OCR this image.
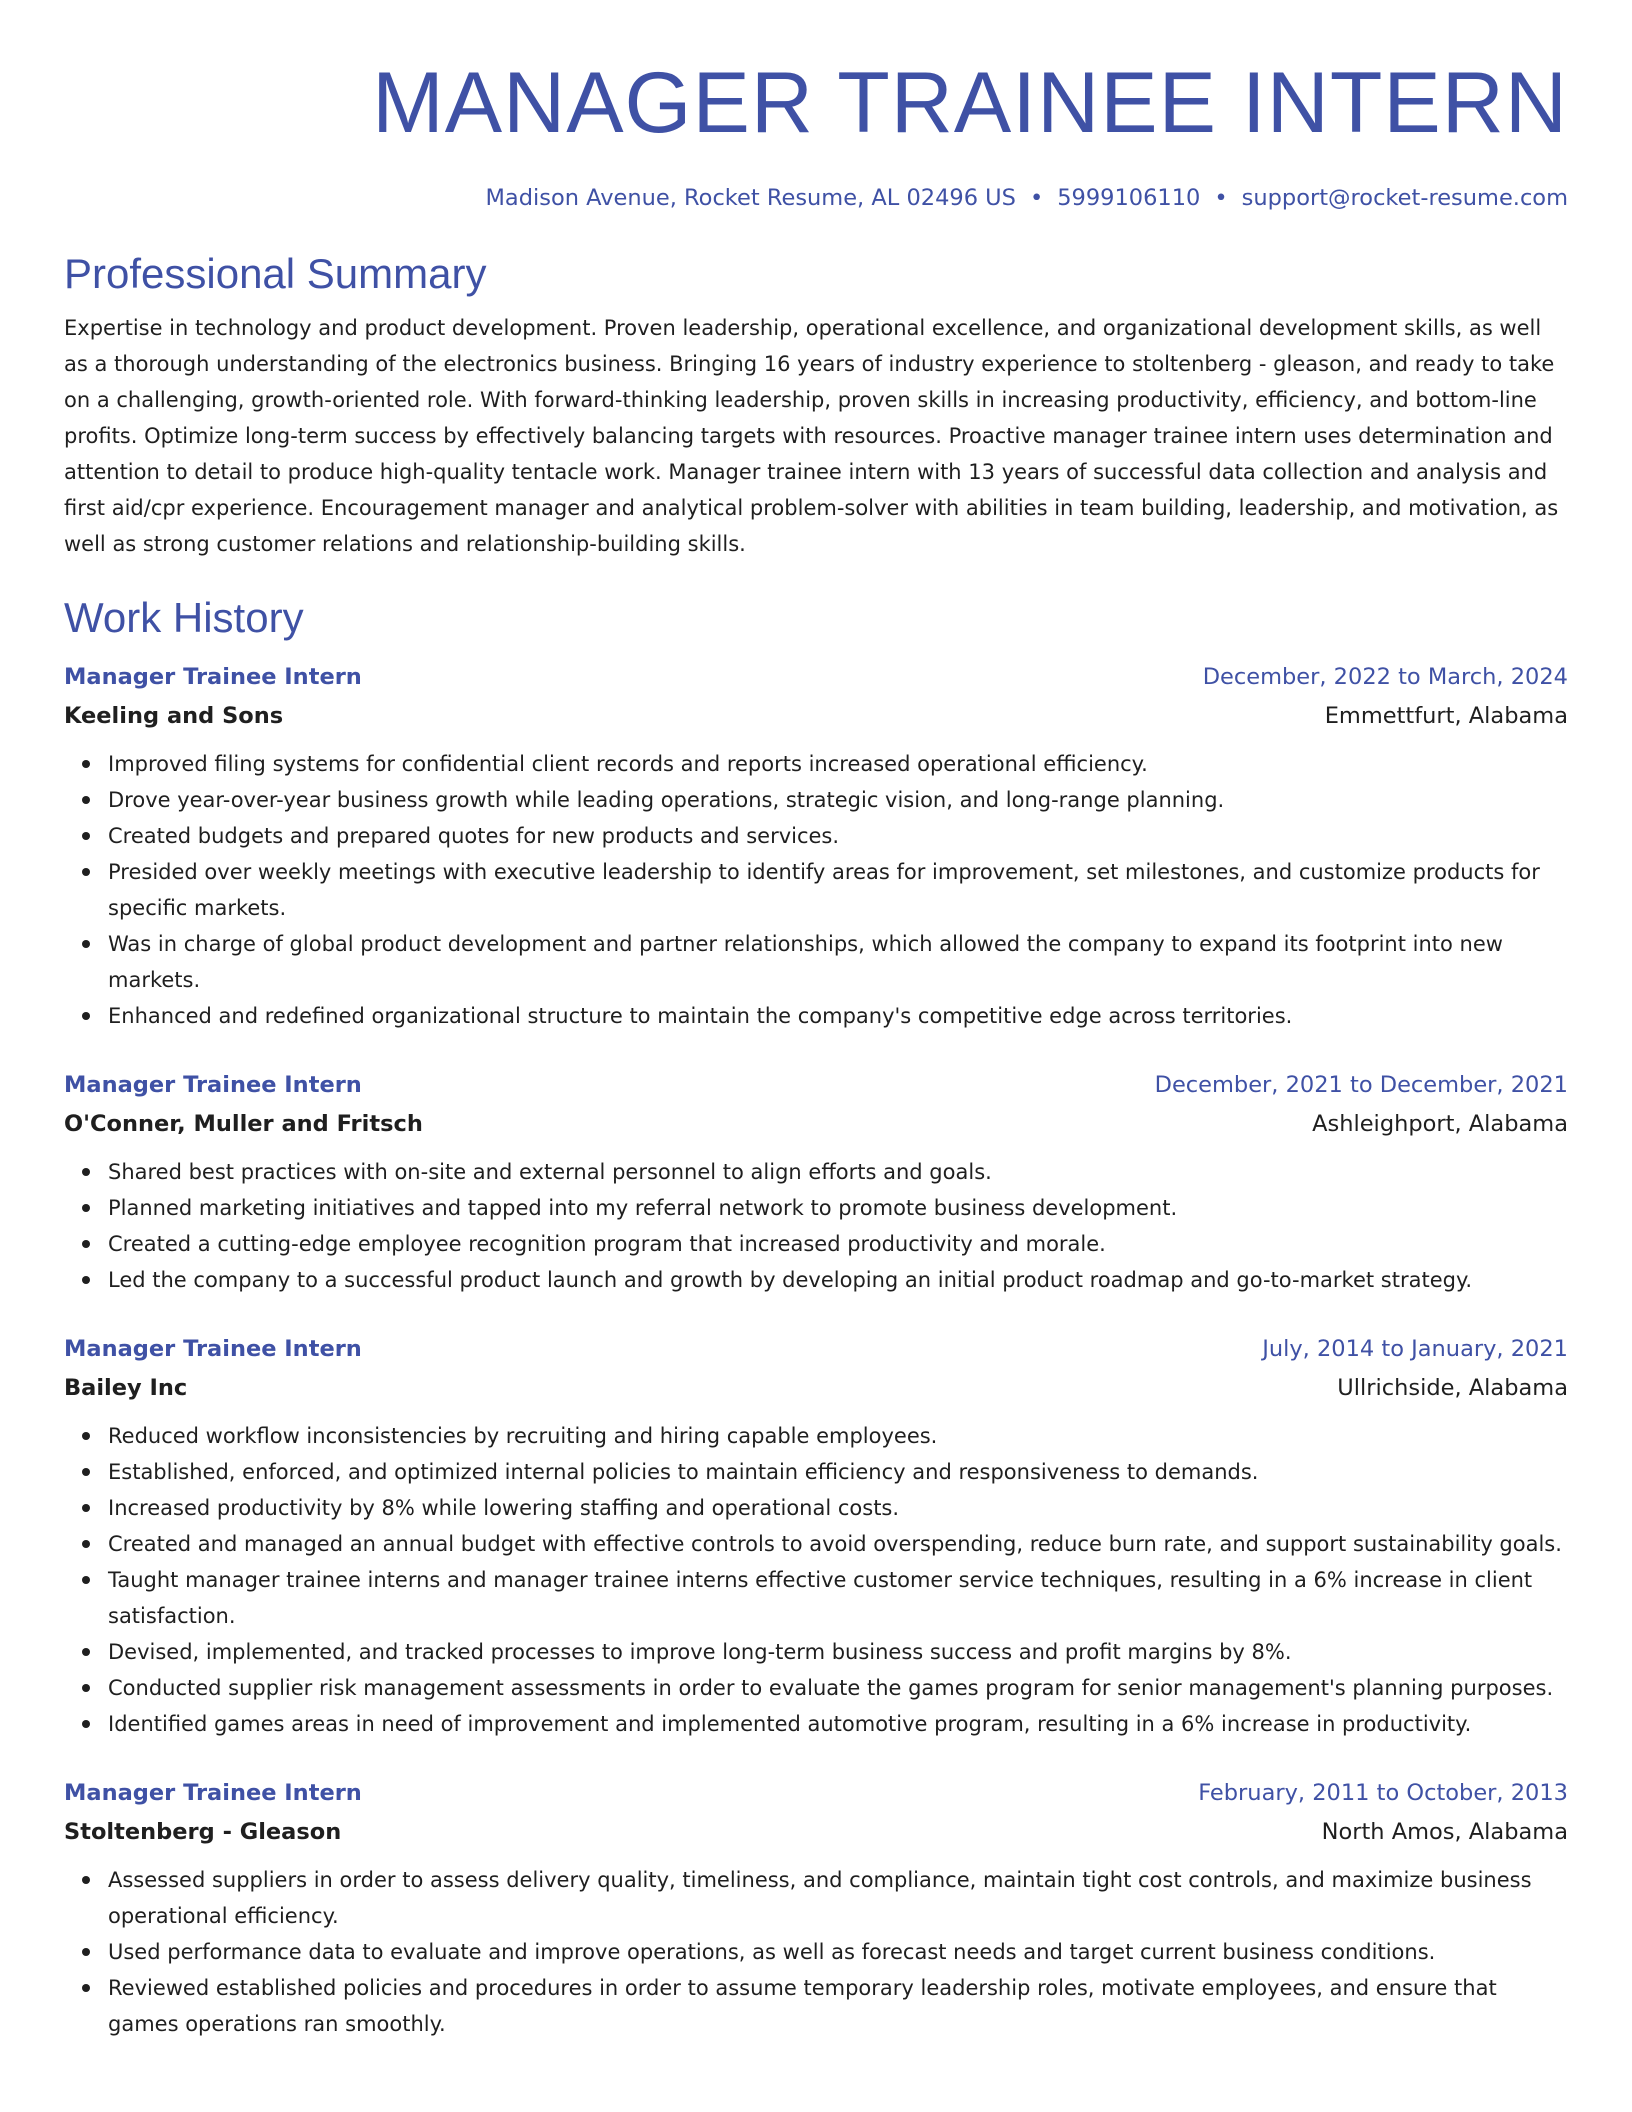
MANAGER TRAINEE INTERN
Madison Avenue, Rocket Resume, AL 02496 US • 5999106110 • support@rocket-resume.com
Professional Summary
Expertise in technology and product development. Proven leadership, operational excellence, and organizational development skills, as well as a thorough understanding of the electronics business. Bringing 16 years of industry experience to stoltenberg - gleason, and ready to take on a challenging, growth-oriented role. With forward-thinking leadership, proven skills in increasing productivity, efficiency, and bottom-line profits. Optimize long-term success by effectively balancing targets with resources. Proactive manager trainee intern uses determination and attention to detail to produce high-quality tentacle work. Manager trainee intern with 13 years of successful data collection and analysis and first aid/cpr experience. Encouragement manager and analytical problem-solver with abilities in team building, leadership, and motivation, as well as strong customer relations and relationship-building skills.
Work History
Manager Trainee Intern	December, 2022 to March, 2024
Keeling and Sons	Emmettfurt, Alabama
Improved filing systems for confidential client records and reports increased operational efficiency.
Drove year-over-year business growth while leading operations, strategic vision, and long-range planning.
Created budgets and prepared quotes for new products and services.
Presided over weekly meetings with executive leadership to identify areas for improvement, set milestones, and customize products for specific markets.
Was in charge of global product development and partner relationships, which allowed the company to expand its footprint into new markets.
Enhanced and redefined organizational structure to maintain the company's competitive edge across territories.
Manager Trainee Intern	December, 2021 to December, 2021
O'Conner, Muller and Fritsch	Ashleighport, Alabama
Shared best practices with on-site and external personnel to align efforts and goals.
Planned marketing initiatives and tapped into my referral network to promote business development.
Created a cutting-edge employee recognition program that increased productivity and morale.
Led the company to a successful product launch and growth by developing an initial product roadmap and go-to-market strategy.
Manager Trainee Intern	July, 2014 to January, 2021
Bailey Inc	Ullrichside, Alabama
Reduced workflow inconsistencies by recruiting and hiring capable employees.
Established, enforced, and optimized internal policies to maintain efficiency and responsiveness to demands.
Increased productivity by 8% while lowering staffing and operational costs.
Created and managed an annual budget with effective controls to avoid overspending, reduce burn rate, and support sustainability goals.
Taught manager trainee interns and manager trainee interns effective customer service techniques, resulting in a 6% increase in client satisfaction.
Devised, implemented, and tracked processes to improve long-term business success and profit margins by 8%.
Conducted supplier risk management assessments in order to evaluate the games program for senior management's planning purposes.
Identified games areas in need of improvement and implemented automotive program, resulting in a 6% increase in productivity.
Manager Trainee Intern	February, 2011 to October, 2013
Stoltenberg - Gleason	North Amos, Alabama
Assessed suppliers in order to assess delivery quality, timeliness, and compliance, maintain tight cost controls, and maximize business operational efficiency.
Used performance data to evaluate and improve operations, as well as forecast needs and target current business conditions.
Reviewed established policies and procedures in order to assume temporary leadership roles, motivate employees, and ensure that games operations ran smoothly.
